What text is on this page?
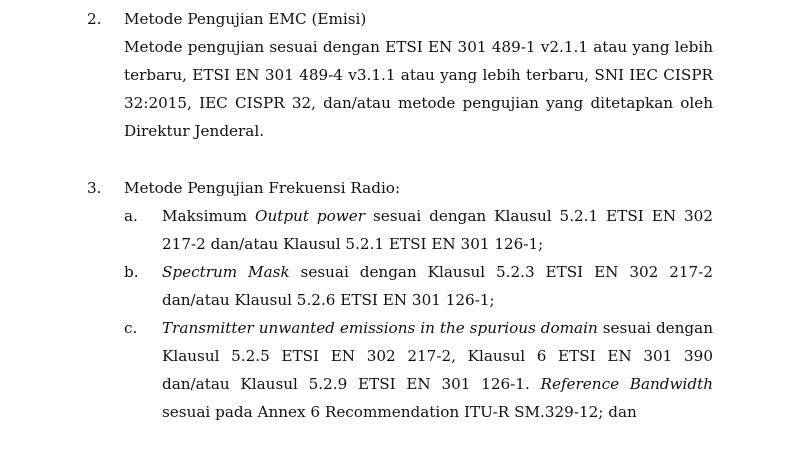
2.	Metode Pengujian EMC (Emisi)
Metode pengujian sesuai dengan ETSI EN 301 489-1 v2.1.1 atau yang lebih
terbaru, ETSI EN 301 489-4 v3.1.1 atau yang lebih terbaru, SNI IEC CISPR
32:2015, IEC CISPR 32, dan/atau metode pengujian yang ditetapkan oleh
Direktur Jenderal.
3.	Metode Pengujian Frekuensi Radio:
a.	Maksimum Output power sesuai dengan Klausul 5.2.1 ETSI EN 302
217-2 dan/atau Klausul 5.2.1 ETSI EN 301 126-1;
b.	Spectrum Mask sesuai dengan Klausul 5.2.3 ETSI EN 302 217-2
dan/atau Klausul 5.2.6 ETSI EN 301 126-1;
c.	Transmitter unwanted emissions in the spurious domain sesuai dengan
Klausul 5.2.5 ETSI EN 302 217-2, Klausul 6 ETSI EN 301 390
dan/atau Klausul 5.2.9 ETSI EN 301 126-1. Reference Bandwidth
sesuai pada Annex 6 Recommendation ITU-R SM.329-12; dan
